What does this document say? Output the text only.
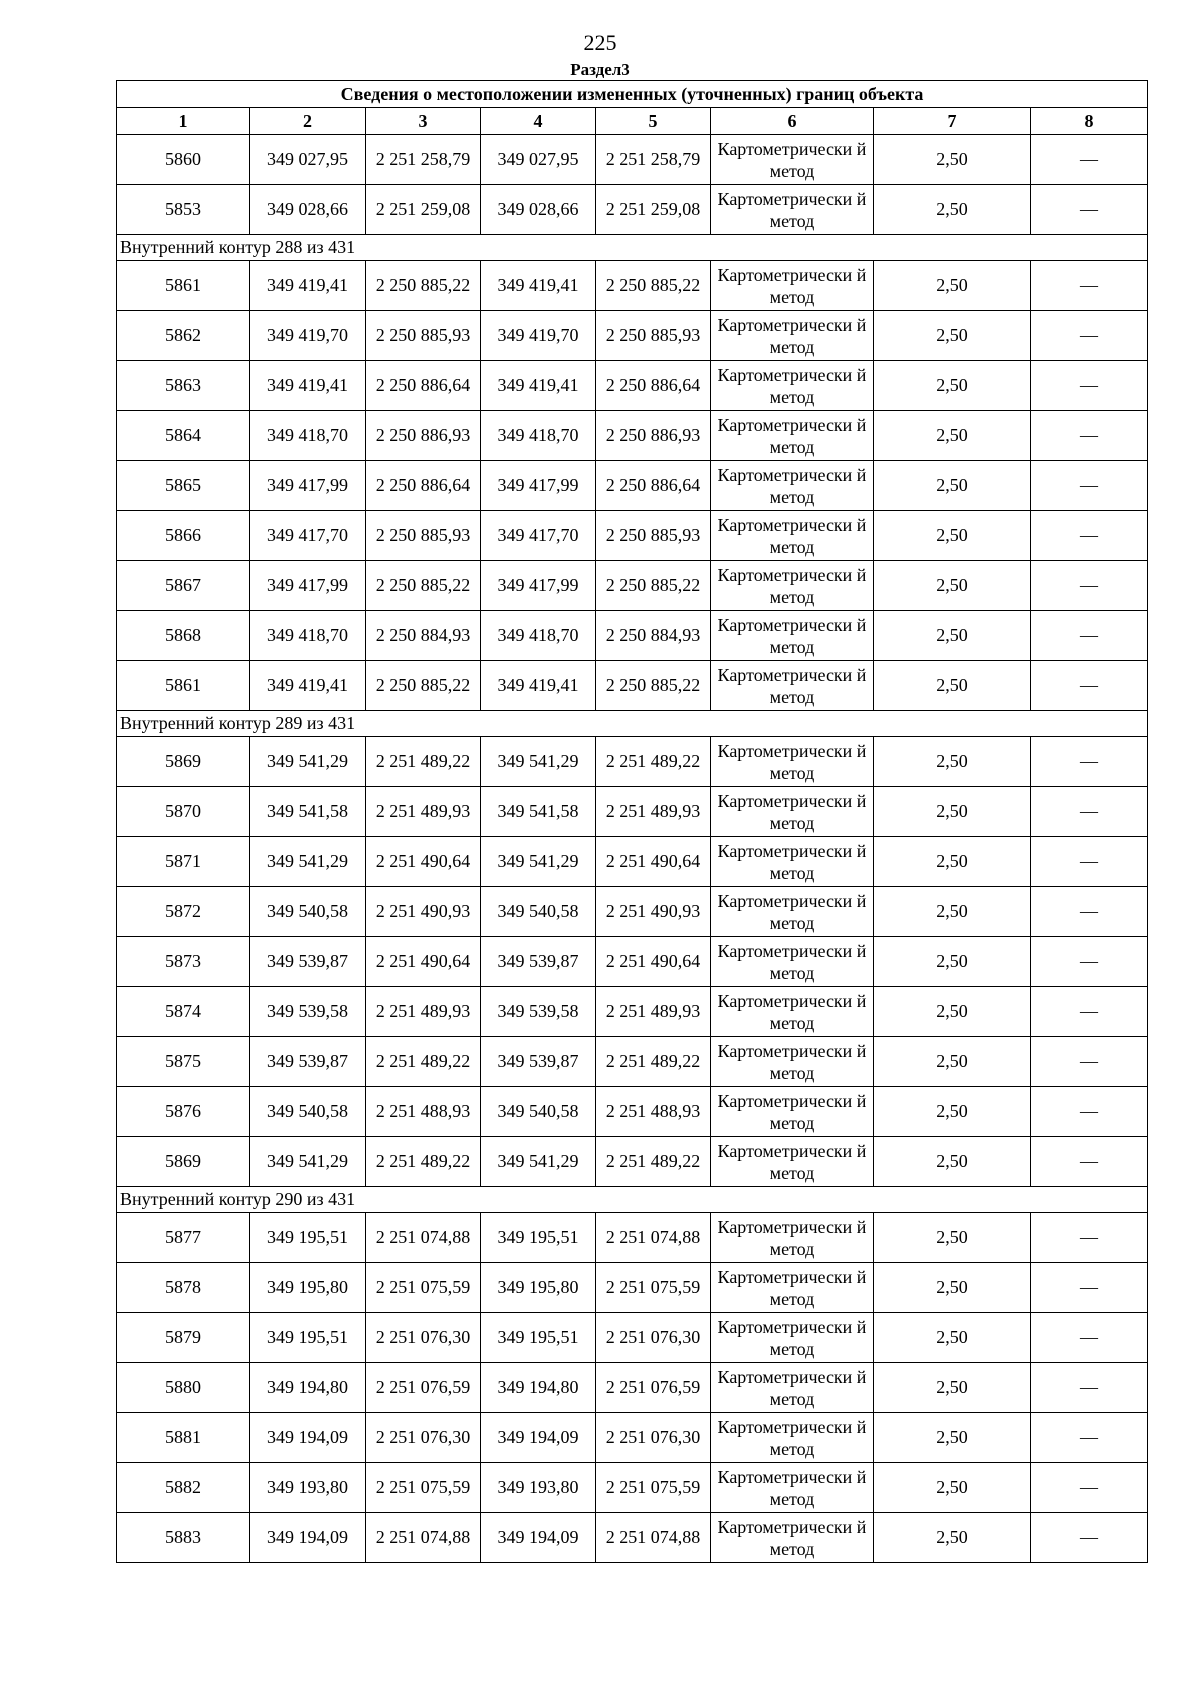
225
Раздел3
Сведения о местоположении измененных (уточненных) границ объекта							
1	2	3	4	5	6	7	8
5860	349 027,95	2 251 258,79	349 027,95	2 251 258,79	Картометрически й метод	2,50	—
5853	349 028,66	2 251 259,08	349 028,66	2 251 259,08	Картометрически й метод	2,50	—
Внутренний контур 288 из 431							
5861	349 419,41	2 250 885,22	349 419,41	2 250 885,22	Картометрически й метод	2,50	—
5862	349 419,70	2 250 885,93	349 419,70	2 250 885,93	Картометрически й метод	2,50	—
5863	349 419,41	2 250 886,64	349 419,41	2 250 886,64	Картометрически й метод	2,50	—
5864	349 418,70	2 250 886,93	349 418,70	2 250 886,93	Картометрически й метод	2,50	—
5865	349 417,99	2 250 886,64	349 417,99	2 250 886,64	Картометрически й метод	2,50	—
5866	349 417,70	2 250 885,93	349 417,70	2 250 885,93	Картометрически й метод	2,50	—
5867	349 417,99	2 250 885,22	349 417,99	2 250 885,22	Картометрически й метод	2,50	—
5868	349 418,70	2 250 884,93	349 418,70	2 250 884,93	Картометрически й метод	2,50	—
5861	349 419,41	2 250 885,22	349 419,41	2 250 885,22	Картометрически й метод	2,50	—
Внутренний контур 289 из 431							
5869	349 541,29	2 251 489,22	349 541,29	2 251 489,22	Картометрически й метод	2,50	—
5870	349 541,58	2 251 489,93	349 541,58	2 251 489,93	Картометрически й метод	2,50	—
5871	349 541,29	2 251 490,64	349 541,29	2 251 490,64	Картометрически й метод	2,50	—
5872	349 540,58	2 251 490,93	349 540,58	2 251 490,93	Картометрически й метод	2,50	—
5873	349 539,87	2 251 490,64	349 539,87	2 251 490,64	Картометрически й метод	2,50	—
5874	349 539,58	2 251 489,93	349 539,58	2 251 489,93	Картометрически й метод	2,50	—
5875	349 539,87	2 251 489,22	349 539,87	2 251 489,22	Картометрически й метод	2,50	—
5876	349 540,58	2 251 488,93	349 540,58	2 251 488,93	Картометрически й метод	2,50	—
5869	349 541,29	2 251 489,22	349 541,29	2 251 489,22	Картометрически й метод	2,50	—
Внутренний контур 290 из 431							
5877	349 195,51	2 251 074,88	349 195,51	2 251 074,88	Картометрически й метод	2,50	—
5878	349 195,80	2 251 075,59	349 195,80	2 251 075,59	Картометрически й метод	2,50	—
5879	349 195,51	2 251 076,30	349 195,51	2 251 076,30	Картометрически й метод	2,50	—
5880	349 194,80	2 251 076,59	349 194,80	2 251 076,59	Картометрически й метод	2,50	—
5881	349 194,09	2 251 076,30	349 194,09	2 251 076,30	Картометрически й метод	2,50	—
5882	349 193,80	2 251 075,59	349 193,80	2 251 075,59	Картометрически й метод	2,50	—
5883	349 194,09	2 251 074,88	349 194,09	2 251 074,88	Картометрически й метод	2,50	—
